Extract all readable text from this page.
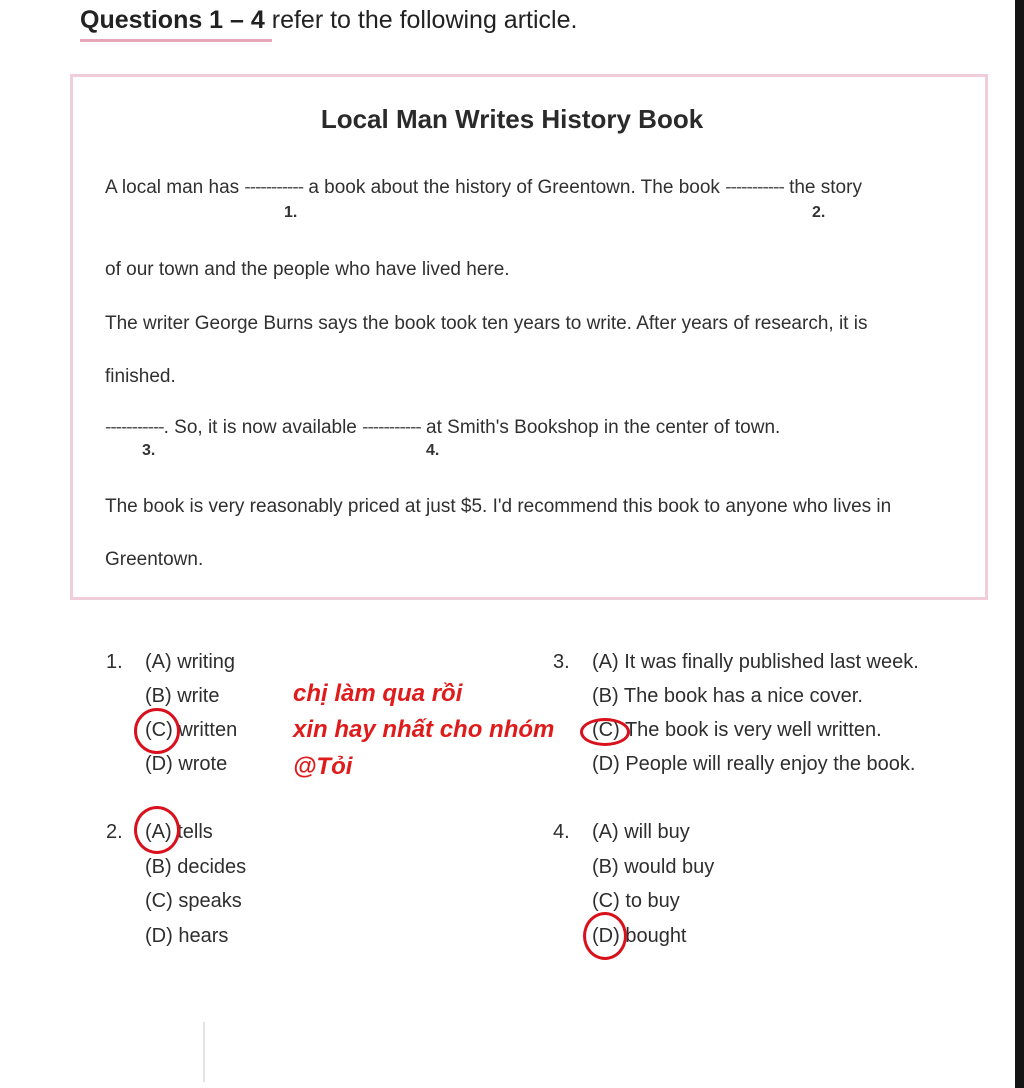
Questions 1 – 4 refer to the following article.
Local Man Writes History Book
A local man has ----------- a book about the history of Greentown. The book ----------- the story
1.	2.
of our town and the people who have lived here.
The writer George Burns says the book took ten years to write. After years of research, it is
finished.
-----------. So, it is now available ----------- at Smith's Bookshop in the center of town.
3.	4.
The book is very reasonably priced at just $5. I'd recommend this book to anyone who lives in
Greentown.
1. (A) writing
(B) write
(C) written
(D) wrote
2. (A) tells
(B) decides
(C) speaks
(D) hears
3. (A) It was finally published last week.
(B) The book has a nice cover.
(C) The book is very well written.
(D) People will really enjoy the book.
4. (A) will buy
(B) would buy
(C) to buy
(D) bought
chị làm qua rồi
xin hay nhất cho nhóm
@Tỏi
